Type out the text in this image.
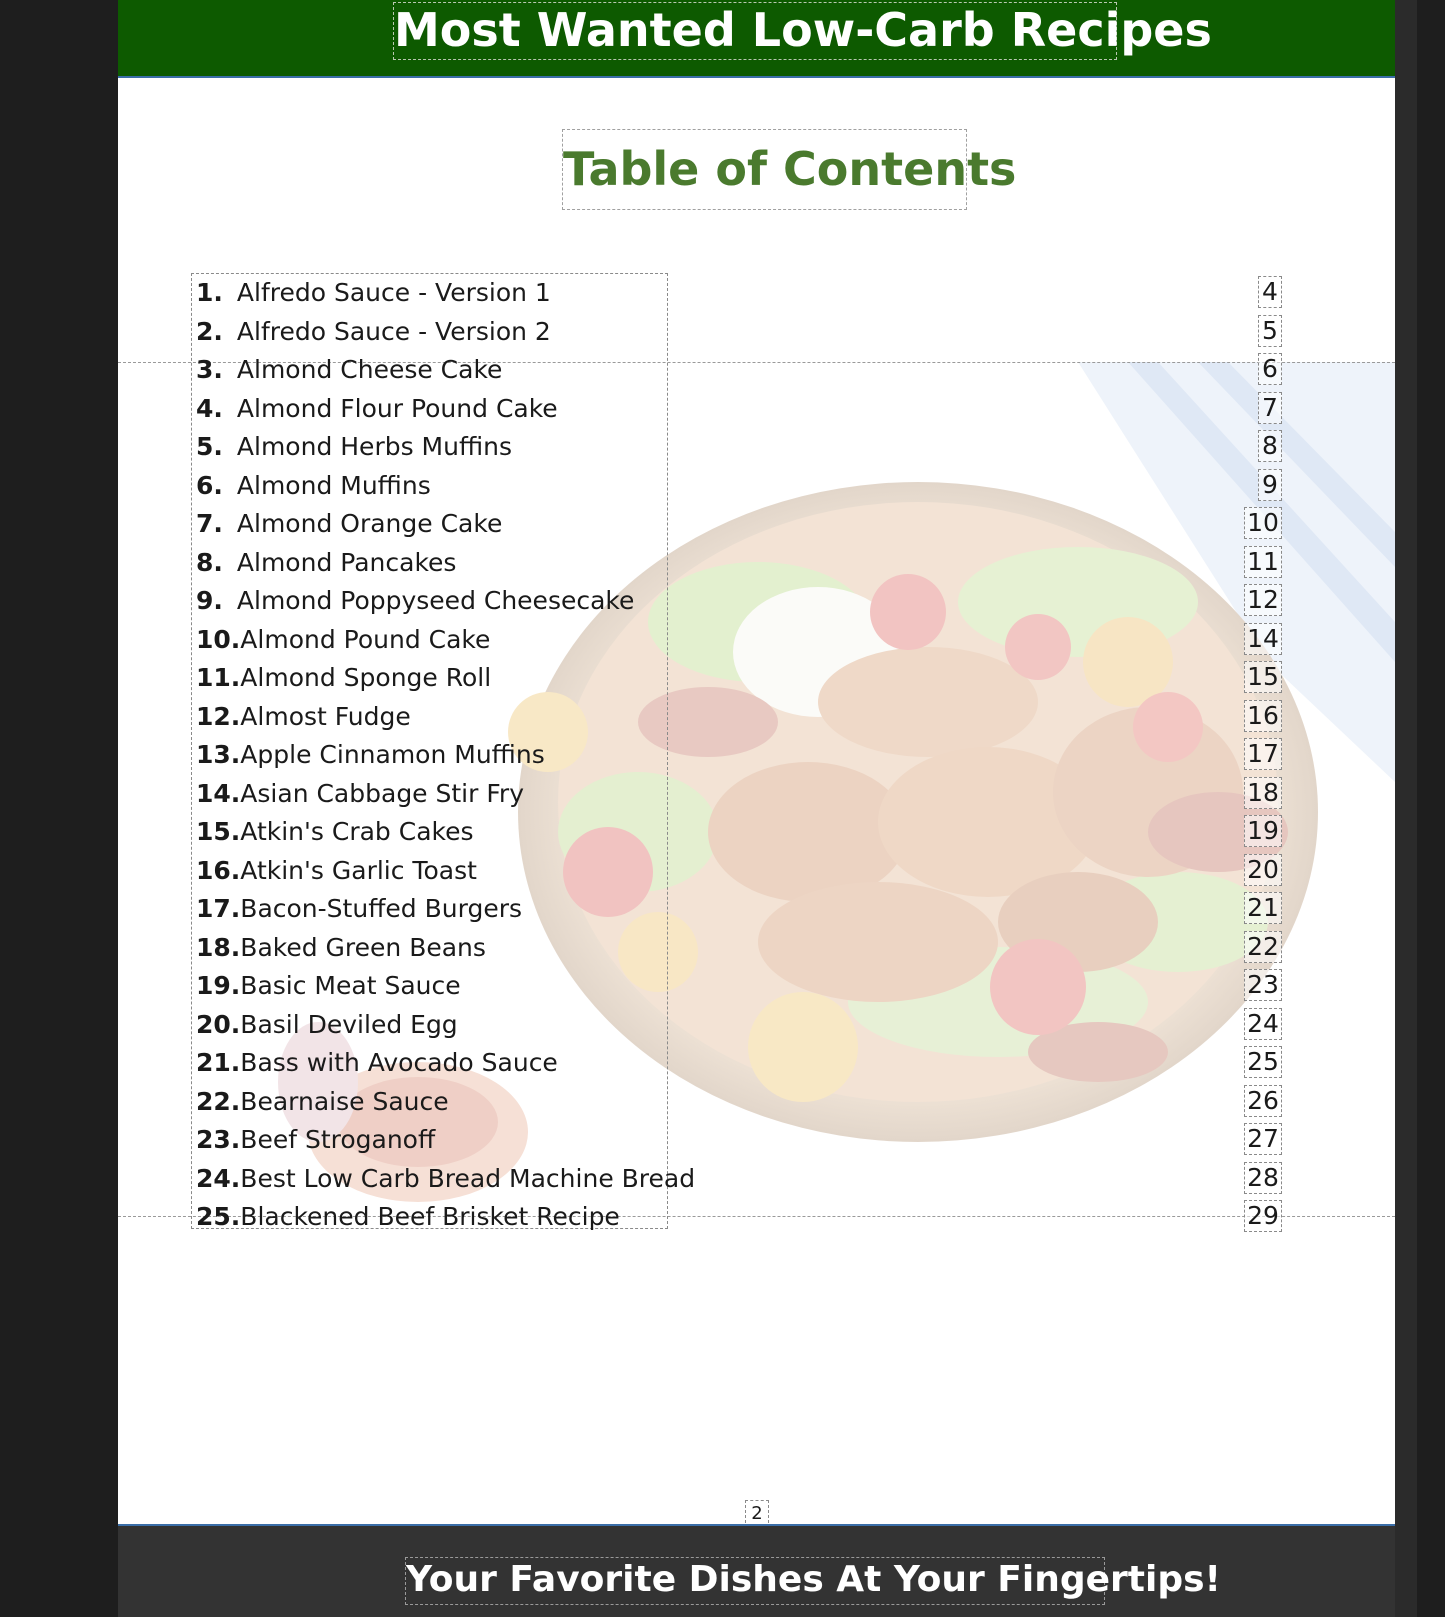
Most Wanted Low-Carb Recipes
Table of Contents
1. Alfredo Sauce - Version 1
2. Alfredo Sauce - Version 2
3. Almond Cheese Cake
4. Almond Flour Pound Cake
5. Almond Herbs Muffins
6. Almond Muffins
7. Almond Orange Cake
8. Almond Pancakes
9. Almond Poppyseed Cheesecake
10.Almond Pound Cake
11.Almond Sponge Roll
12.Almost Fudge
13.Apple Cinnamon Muffins
14.Asian Cabbage Stir Fry
15.Atkin's Crab Cakes
16.Atkin's Garlic Toast
17.Bacon-Stuffed Burgers
18.Baked Green Beans
19.Basic Meat Sauce
20.Basil Deviled Egg
21.Bass with Avocado Sauce
22.Bearnaise Sauce
23.Beef Stroganoff
24.Best Low Carb Bread Machine Bread
25.Blackened Beef Brisket Recipe
4
5
6
7
8
9
10
11
12
14
15
16
17
18
19
20
21
22
23
24
25
26
27
28
29
2
Your Favorite Dishes At Your Fingertips!
